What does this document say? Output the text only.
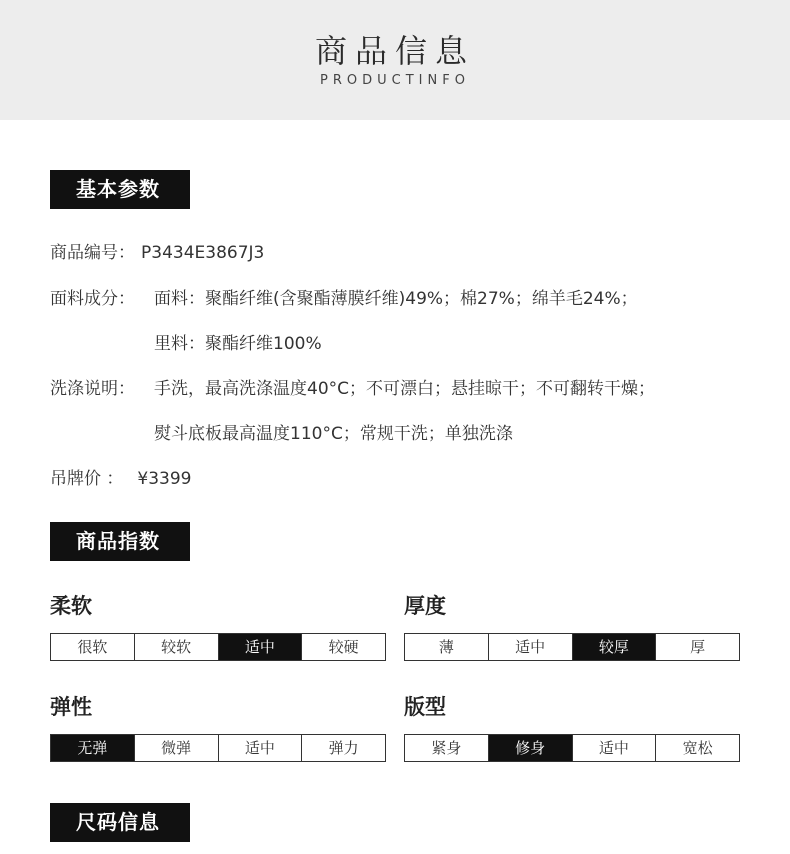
商品信息
PRODUCTINFO
基本参数
商品编号： P3434E3867J3
面料成分： 面料：聚酯纤维(含聚酯薄膜纤维)49%；棉27%；绵羊毛24%；
里料：聚酯纤维100%
洗涤说明： 手洗，最高洗涤温度40°C；不可漂白；悬挂晾干；不可翻转干燥；
熨斗底板最高温度110°C；常规干洗；单独洗涤
吊牌价 ： ¥3399
商品指数
柔软
很软	较软	适中	较硬
厚度
薄	适中	较厚	厚
弹性
无弹	微弹	适中	弹力
版型
紧身	修身	适中	宽松
尺码信息
